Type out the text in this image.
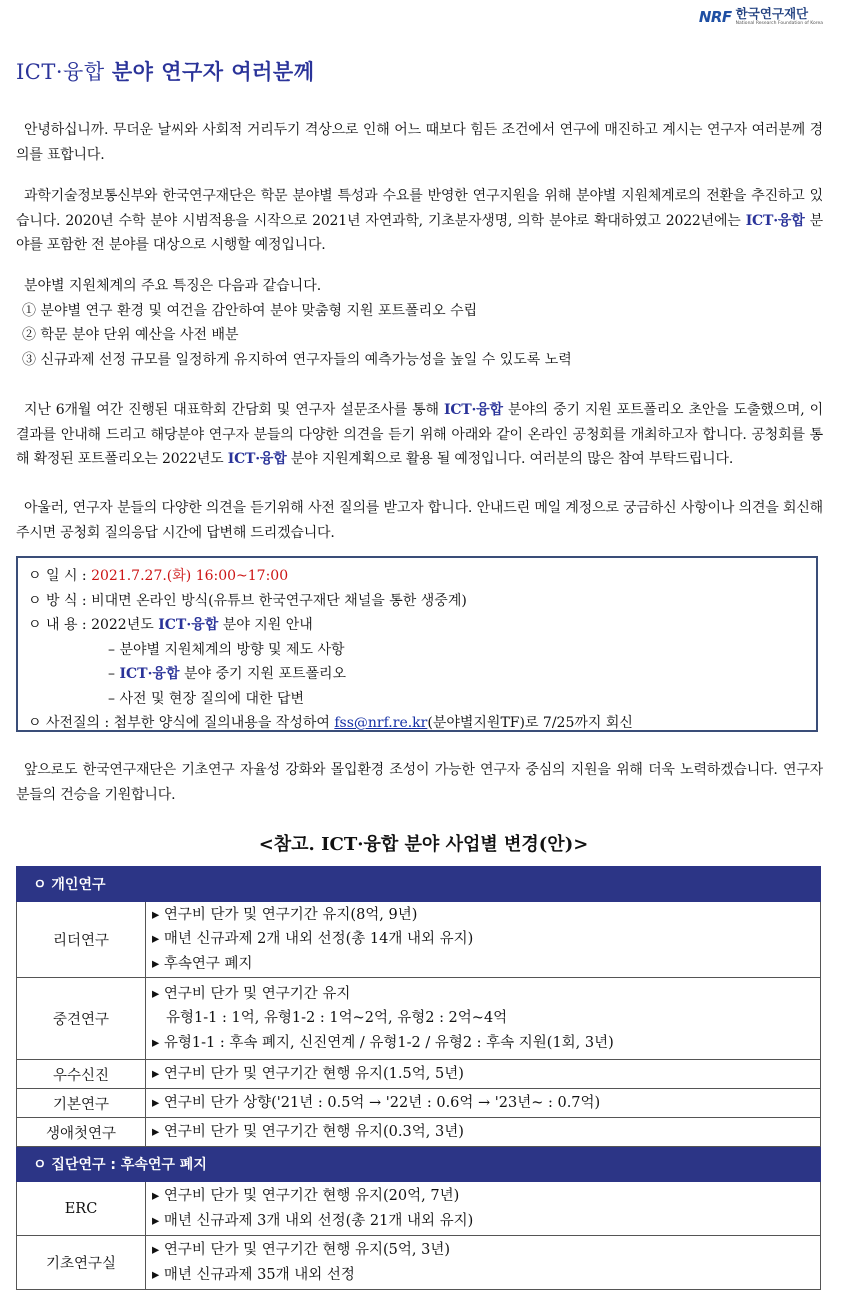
NRF 한국연구재단
National Research Foundation of Korea
ICT·융합 분야 연구자 여러분께

안녕하십니까. 무더운 날씨와 사회적 거리두기 격상으로 인해 어느 때보다 힘든 조건에서 연구에 매진하고 계시는 연구자 여러분께 경의를 표합니다.

과학기술정보통신부와 한국연구재단은 학문 분야별 특성과 수요를 반영한 연구지원을 위해 분야별 지원체계로의 전환을 추진하고 있습니다. 2020년 수학 분야 시범적용을 시작으로 2021년 자연과학, 기초분자생명, 의학 분야로 확대하였고 2022년에는 ICT·융합 분야를 포함한 전 분야를 대상으로 시행할 예정입니다.

분야별 지원체계의 주요 특징은 다음과 같습니다.
① 분야별 연구 환경 및 여건을 감안하여 분야 맞춤형 지원 포트폴리오 수립
② 학문 분야 단위 예산을 사전 배분
③ 신규과제 선정 규모를 일정하게 유지하여 연구자들의 예측가능성을 높일 수 있도록 노력

지난 6개월 여간 진행된 대표학회 간담회 및 연구자 설문조사를 통해 ICT·융합 분야의 중기 지원 포트폴리오 초안을 도출했으며, 이 결과를 안내해 드리고 해당분야 연구자 분들의 다양한 의견을 듣기 위해 아래와 같이 온라인 공청회를 개최하고자 합니다. 공청회를 통해 확정된 포트폴리오는 2022년도 ICT·융합 분야 지원계획으로 활용 될 예정입니다. 여러분의 많은 참여 부탁드립니다.

아울러, 연구자 분들의 다양한 의견을 듣기위해 사전 질의를 받고자 합니다. 안내드린 메일 계정으로 궁금하신 사항이나 의견을 회신해 주시면 공청회 질의응답 시간에 답변해 드리겠습니다.

ㅇ 일 시 : 2021.7.27.(화) 16:00~17:00
ㅇ 방 식 : 비대면 온라인 방식(유튜브 한국연구재단 채널을 통한 생중계)
ㅇ 내 용 : 2022년도 ICT·융합 분야 지원 안내
– 분야별 지원체계의 방향 및 제도 사항
– ICT·융합 분야 중기 지원 포트폴리오
– 사전 및 현장 질의에 대한 답변
ㅇ 사전질의 : 첨부한 양식에 질의내용을 작성하여 fss@nrf.re.kr(분야별지원TF)로 7/25까지 회신

앞으로도 한국연구재단은 기초연구 자율성 강화와 몰입환경 조성이 가능한 연구자 중심의 지원을 위해 더욱 노력하겠습니다. 연구자 분들의 건승을 기원합니다.

<참고. ICT·융합 분야 사업별 변경(안)>
ㅇ 개인연구	
리더연구	▸ 연구비 단가 및 연구기간 유지(8억, 9년)
▸ 매년 신규과제 2개 내외 선정(총 14개 내외 유지)
▸ 후속연구 폐지

중견연구	▸ 연구비 단가 및 연구기간 유지
유형1-1 : 1억, 유형1-2 : 1억~2억, 유형2 : 2억~4억
▸ 유형1-1 : 후속 폐지, 신진연계 / 유형1-2 / 유형2 : 후속 지원(1회, 3년)

우수신진	▸ 연구비 단가 및 연구기간 현행 유지(1.5억, 5년)

기본연구	▸ 연구비 단가 상향('21년 : 0.5억 → '22년 : 0.6억 → '23년~ : 0.7억)

생애첫연구	▸ 연구비 단가 및 연구기간 현행 유지(0.3억, 3년)

ㅇ 집단연구 : 후속연구 폐지	
ERC	▸ 연구비 단가 및 연구기간 현행 유지(20억, 7년)
▸ 매년 신규과제 3개 내외 선정(총 21개 내외 유지)

기초연구실	▸ 연구비 단가 및 연구기간 현행 유지(5억, 3년)
▸ 매년 신규과제 35개 내외 선정
